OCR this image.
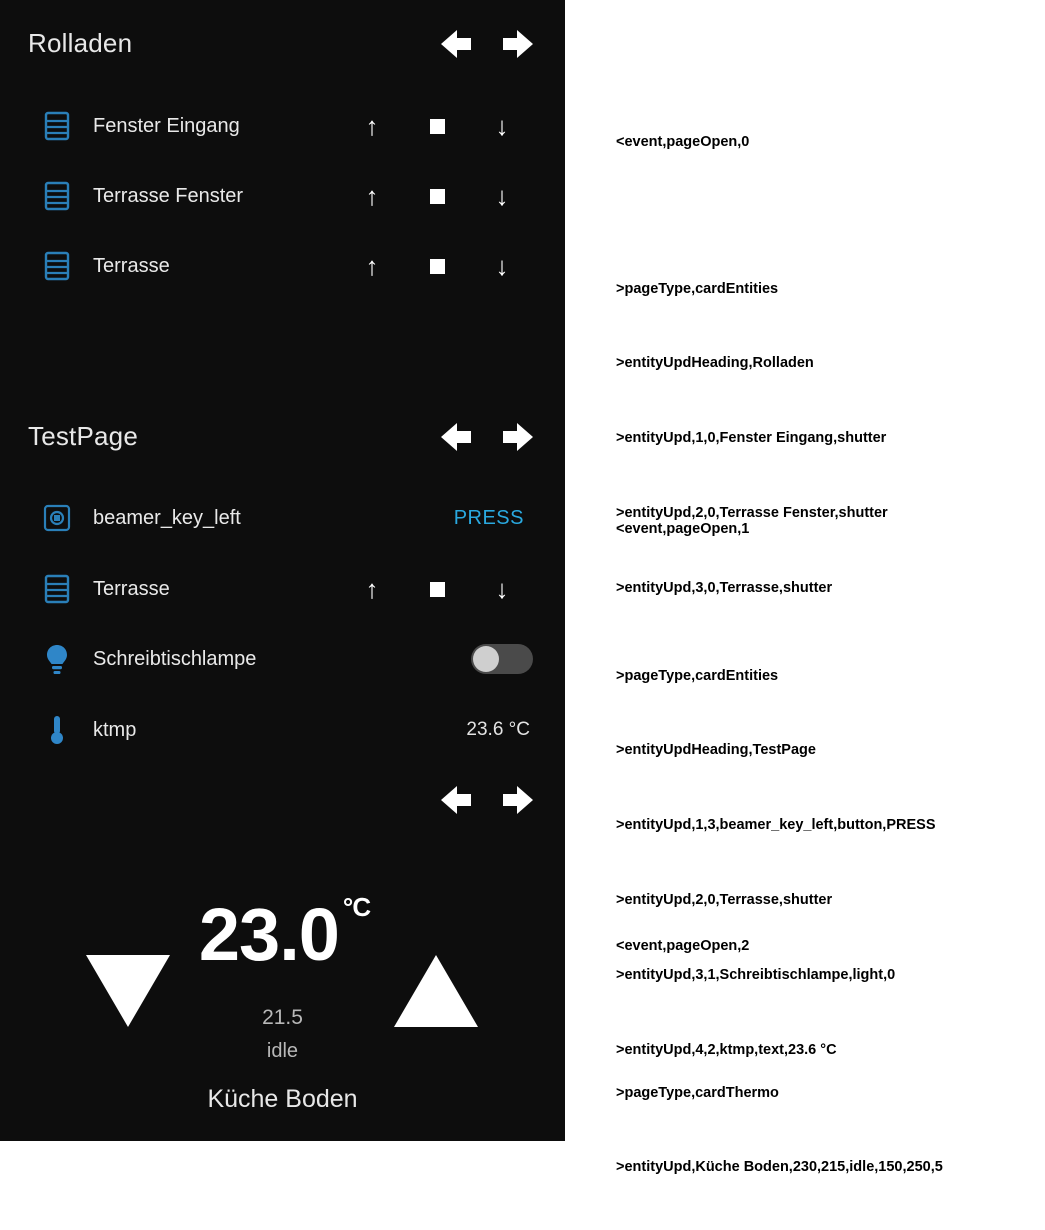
Rolladen
Fenster Eingang	↑	↓
Terrasse Fenster	↑	↓
Terrasse	↑	↓
TestPage
beamer_key_left	PRESS
Terrasse	↑	↓
Schreibtischlampe
ktmp	23.6 °C
23.0 $^{^\circ C}$
21.5
idle
Küche Boden

<event,pageOpen,0

>pageType,cardEntities

>entityUpdHeading,Rolladen

>entityUpd,1,0,Fenster Eingang,shutter

>entityUpd,2,0,Terrasse Fenster,shutter

>entityUpd,3,0,Terrasse,shutter

<event,pageOpen,1

>pageType,cardEntities

>entityUpdHeading,TestPage

>entityUpd,1,3,beamer_key_left,button,PRESS

>entityUpd,2,0,Terrasse,shutter

>entityUpd,3,1,Schreibtischlampe,light,0

>entityUpd,4,2,ktmp,text,23.6 °C

<event,pageOpen,2

>pageType,cardThermo

>entityUpd,Küche Boden,230,215,idle,150,250,5
